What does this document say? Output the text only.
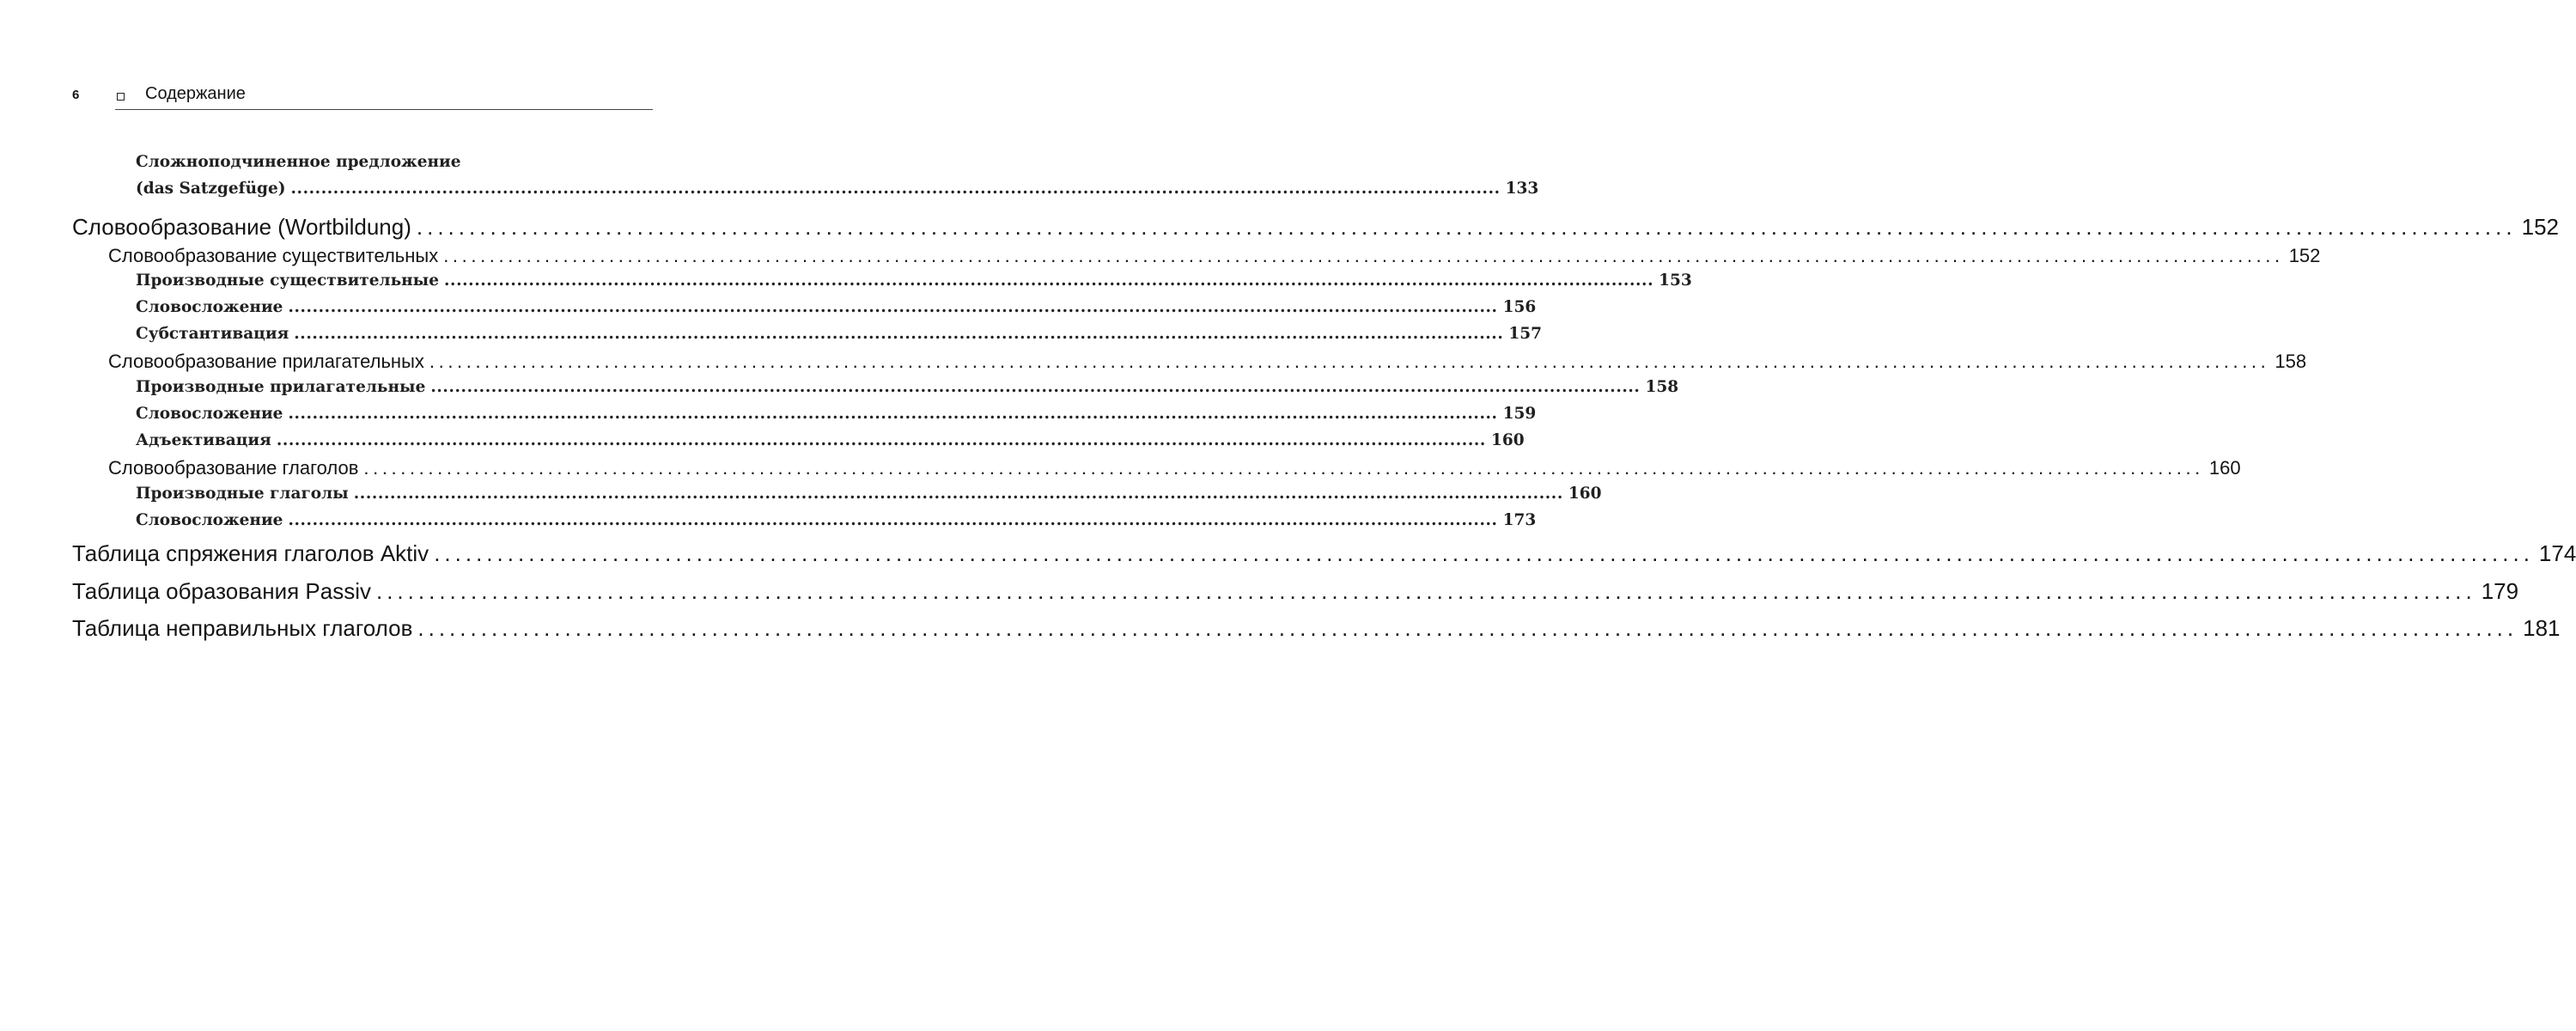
6	Содержание
Сложноподчиненное предложение
(das Satzgefüge) ........................................................................................................................................................................................................ 133
Словообразование (Wortbildung) ........................................................................................................................................................................................................ 152
Словообразование существительных ........................................................................................................................................................................................................ 152
Производные существительные ........................................................................................................................................................................................................ 153
Словосложение ........................................................................................................................................................................................................ 156
Субстантивация ........................................................................................................................................................................................................ 157
Словообразование прилагательных ........................................................................................................................................................................................................ 158
Производные прилагательные ........................................................................................................................................................................................................ 158
Словосложение ........................................................................................................................................................................................................ 159
Адъективация ........................................................................................................................................................................................................ 160
Словообразование глаголов ........................................................................................................................................................................................................ 160
Производные глаголы ........................................................................................................................................................................................................ 160
Словосложение ........................................................................................................................................................................................................ 173
Таблица спряжения глаголов Aktiv ........................................................................................................................................................................................................ 174
Таблица образования Passiv ........................................................................................................................................................................................................ 179
Таблица неправильных глаголов ........................................................................................................................................................................................................ 181
